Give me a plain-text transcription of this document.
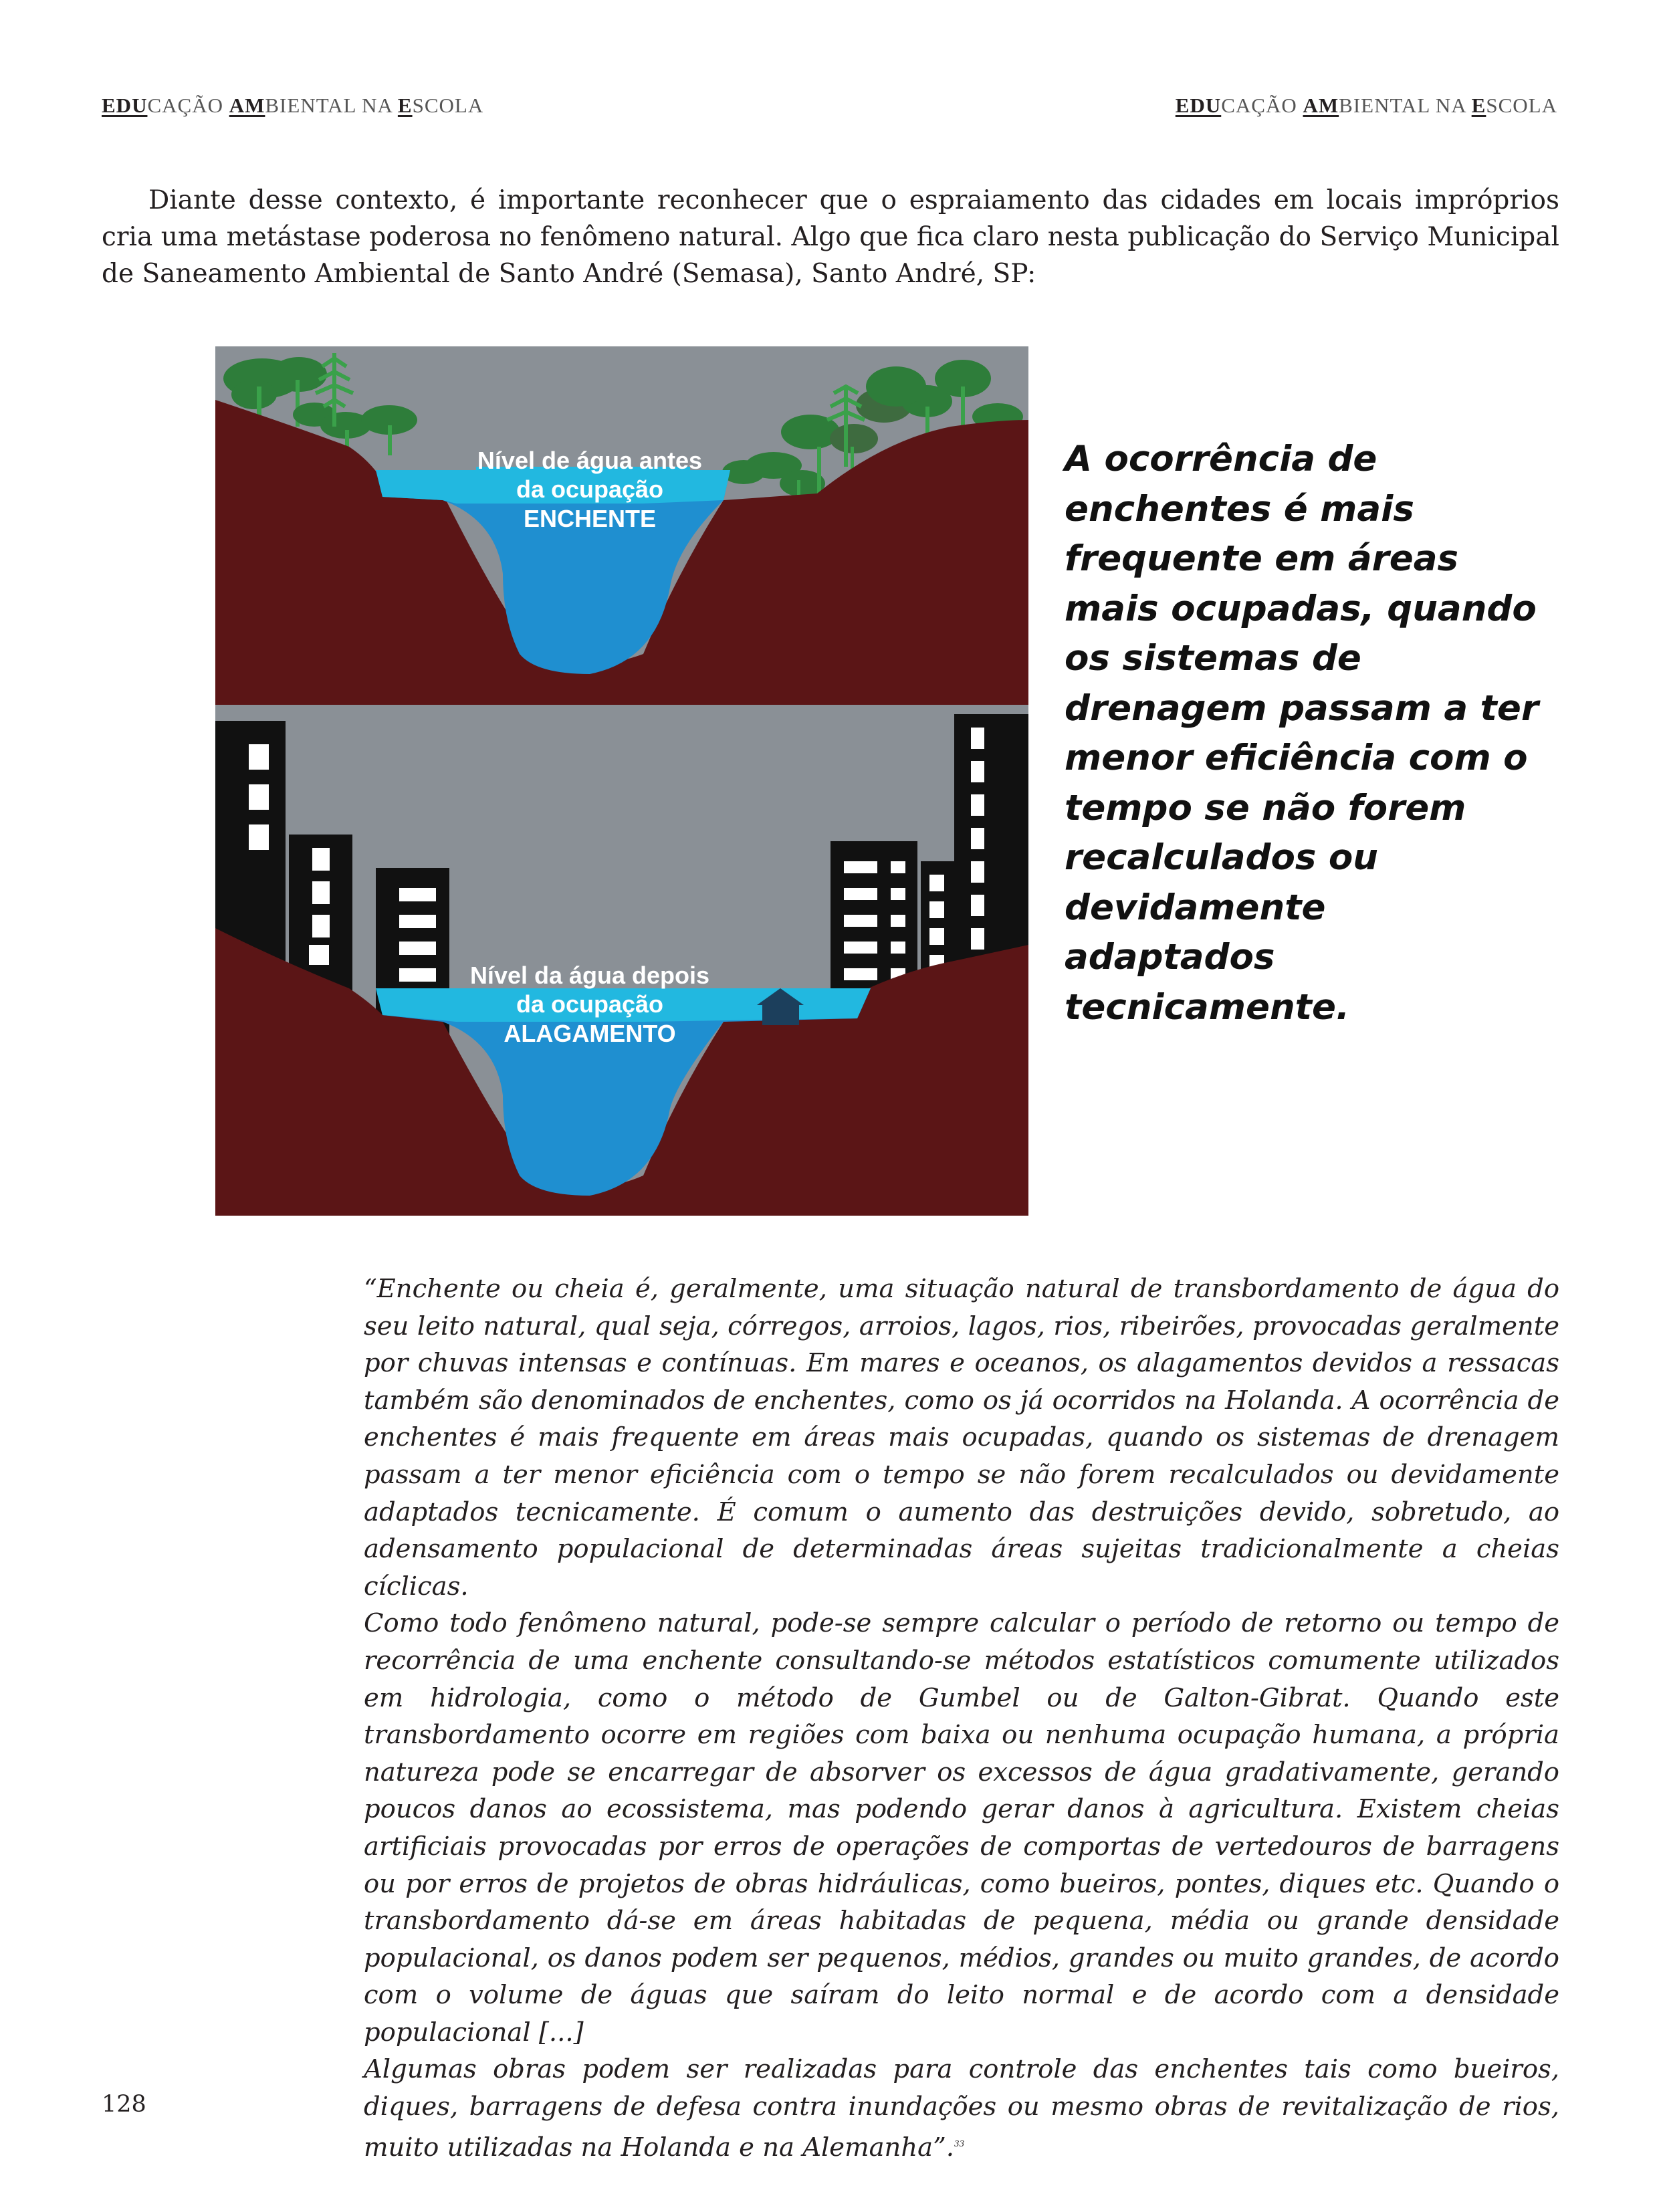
EDUCAÇÃO AMBIENTAL NA ESCOLA	EDUCAÇÃO AMBIENTAL NA ESCOLA

Diante desse contexto, é importante reconhecer que o espraiamento das cidades em locais impróprios cria uma metástase poderosa no fenômeno natural. Algo que fica claro nesta publicação do Serviço Municipal de Saneamento Ambiental de Santo André (Semasa), Santo André, SP:

Nível de água antes
da ocupação
ENCHENTE
Nível da água depois
da ocupação
ALAGAMENTO
A ocorrência de enchentes é mais frequente em áreas mais ocupadas, quando os sistemas de drenagem passam a ter menor eficiência com o tempo se não forem recalculados ou devidamente adaptados tecnicamente.

“Enchente ou cheia é, geralmente, uma situação natural de transbordamento de água do seu leito natural, qual seja, córregos, arroios, lagos, rios, ribeirões, provocadas geralmente por chuvas intensas e contínuas. Em mares e oceanos, os alagamentos devidos a ressacas também são denominados de enchentes, como os já ocorridos na Holanda. A ocorrência de enchentes é mais frequente em áreas mais ocupadas, quando os sistemas de drenagem passam a ter menor eficiência com o tempo se não forem recalculados ou devidamente adaptados tecnicamente. É comum o aumento das destruições devido, sobretudo, ao adensamento populacional de determinadas áreas sujeitas tradicionalmente a cheias cíclicas.

Como todo fenômeno natural, pode-se sempre calcular o período de retorno ou tempo de recorrência de uma enchente consultando-se métodos estatísticos comumente utilizados em hidrologia, como o método de Gumbel ou de Galton-Gibrat. Quando este transbordamento ocorre em regiões com baixa ou nenhuma ocupação humana, a própria natureza pode se encarregar de absorver os excessos de água gradativamente, gerando poucos danos ao ecossistema, mas podendo gerar danos à agricultura. Existem cheias artificiais provocadas por erros de operações de comportas de vertedouros de barragens ou por erros de projetos de obras hidráulicas, como bueiros, pontes, diques etc. Quando o transbordamento dá-se em áreas habitadas de pequena, média ou grande densidade populacional, os danos podem ser pequenos, médios, grandes ou muito grandes, de acordo com o volume de águas que saíram do leito normal e de acordo com a densidade populacional [...]

Algumas obras podem ser realizadas para controle das enchentes tais como bueiros, diques, barragens de defesa contra inundações ou mesmo obras de revitalização de rios, muito utilizadas na Holanda e na Alemanha”.$^{33}$

128
